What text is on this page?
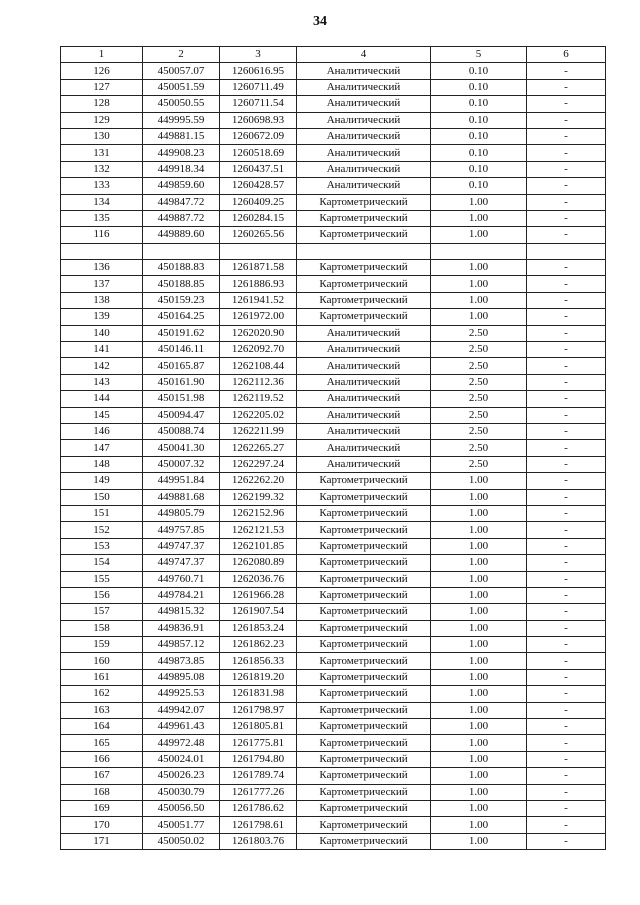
34
1	2	3	4	5	6
126	450057.07	1260616.95	Аналитический	0.10	-
127	450051.59	1260711.49	Аналитический	0.10	-
128	450050.55	1260711.54	Аналитический	0.10	-
129	449995.59	1260698.93	Аналитический	0.10	-
130	449881.15	1260672.09	Аналитический	0.10	-
131	449908.23	1260518.69	Аналитический	0.10	-
132	449918.34	1260437.51	Аналитический	0.10	-
133	449859.60	1260428.57	Аналитический	0.10	-
134	449847.72	1260409.25	Картометрический	1.00	-
135	449887.72	1260284.15	Картометрический	1.00	-
116	449889.60	1260265.56	Картометрический	1.00	-

136	450188.83	1261871.58	Картометрический	1.00	-
137	450188.85	1261886.93	Картометрический	1.00	-
138	450159.23	1261941.52	Картометрический	1.00	-
139	450164.25	1261972.00	Картометрический	1.00	-
140	450191.62	1262020.90	Аналитический	2.50	-
141	450146.11	1262092.70	Аналитический	2.50	-
142	450165.87	1262108.44	Аналитический	2.50	-
143	450161.90	1262112.36	Аналитический	2.50	-
144	450151.98	1262119.52	Аналитический	2.50	-
145	450094.47	1262205.02	Аналитический	2.50	-
146	450088.74	1262211.99	Аналитический	2.50	-
147	450041.30	1262265.27	Аналитический	2.50	-
148	450007.32	1262297.24	Аналитический	2.50	-
149	449951.84	1262262.20	Картометрический	1.00	-
150	449881.68	1262199.32	Картометрический	1.00	-
151	449805.79	1262152.96	Картометрический	1.00	-
152	449757.85	1262121.53	Картометрический	1.00	-
153	449747.37	1262101.85	Картометрический	1.00	-
154	449747.37	1262080.89	Картометрический	1.00	-
155	449760.71	1262036.76	Картометрический	1.00	-
156	449784.21	1261966.28	Картометрический	1.00	-
157	449815.32	1261907.54	Картометрический	1.00	-
158	449836.91	1261853.24	Картометрический	1.00	-
159	449857.12	1261862.23	Картометрический	1.00	-
160	449873.85	1261856.33	Картометрический	1.00	-
161	449895.08	1261819.20	Картометрический	1.00	-
162	449925.53	1261831.98	Картометрический	1.00	-
163	449942.07	1261798.97	Картометрический	1.00	-
164	449961.43	1261805.81	Картометрический	1.00	-
165	449972.48	1261775.81	Картометрический	1.00	-
166	450024.01	1261794.80	Картометрический	1.00	-
167	450026.23	1261789.74	Картометрический	1.00	-
168	450030.79	1261777.26	Картометрический	1.00	-
169	450056.50	1261786.62	Картометрический	1.00	-
170	450051.77	1261798.61	Картометрический	1.00	-
171	450050.02	1261803.76	Картометрический	1.00	-
